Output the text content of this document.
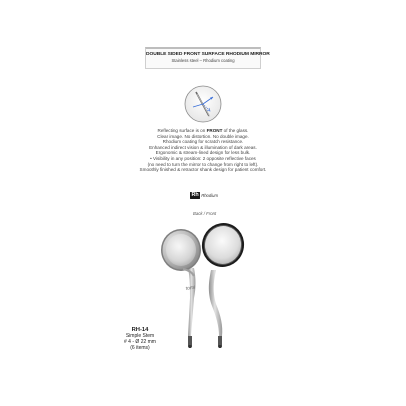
DOUBLE SIDED FRONT SURFACE RHODIUM MIRROR
Stainless steel – Rhodium coating
Reflecting surface is on FRONT of the glass.
Clear image. No distortion. No double image.
Rhodium coating for scratch resistance.
Enhanced indirect vision & illumination of dark areas.
Ergonomic & stream-lined design for less bulk.
• Visibility in any position: 2 opposite reflective faces
(no need to turn the mirror to change from right to left).
Smoothly finished & retractor shank design for patient comfort.
Rh Rhodium
Back / Front
tomi
RH-14
Simple Stem
# 4 - Ø 22 mm
(6 items)
